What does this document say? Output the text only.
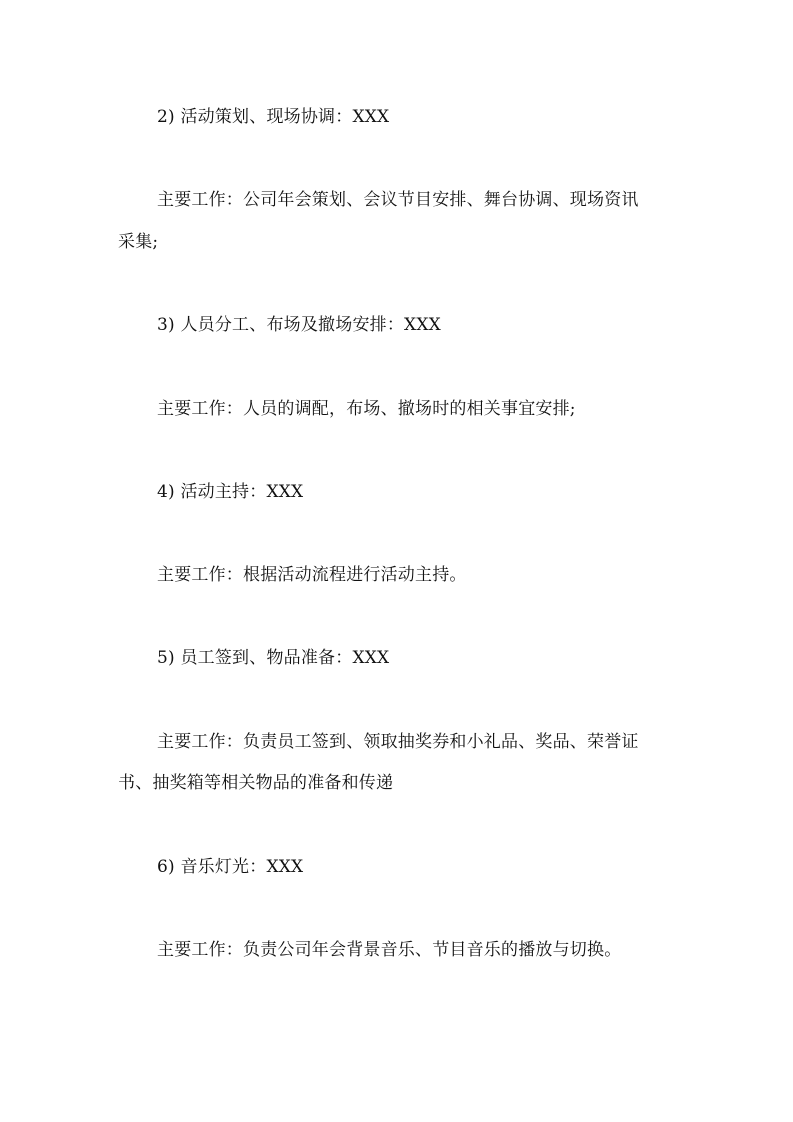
2) 活动策划、现场协调：XXX
主要工作：公司年会策划、会议节目安排、舞台协调、现场资讯
采集;
3) 人员分工、布场及撤场安排：XXX
主要工作：人员的调配，布场、撤场时的相关事宜安排;
4) 活动主持：XXX
主要工作：根据活动流程进行活动主持。
5) 员工签到、物品准备：XXX
主要工作：负责员工签到、领取抽奖券和小礼品、奖品、荣誉证
书、抽奖箱等相关物品的准备和传递
6) 音乐灯光：XXX
主要工作：负责公司年会背景音乐、节目音乐的播放与切换。
